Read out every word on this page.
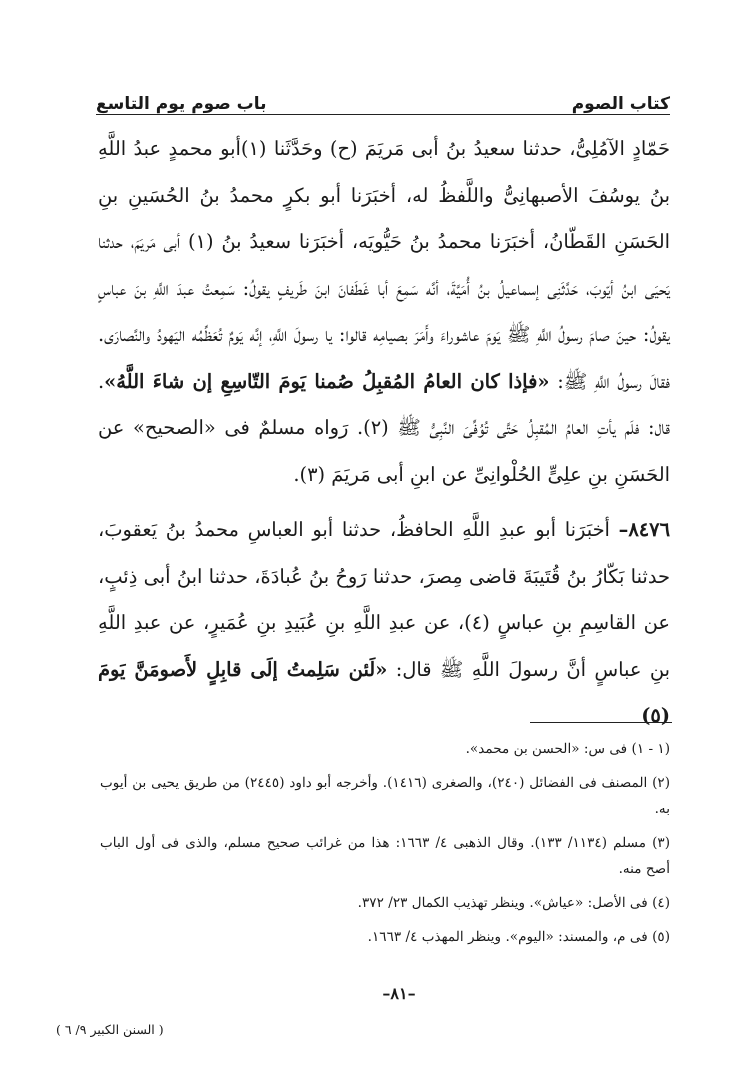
كتاب الصوم
باب صوم يوم التاسع

حَمّادٍ الآمُلِىُّ، حدثنا سعيدُ بنُ أبى مَريَمَ (ح) وحَدَّثَنا (١)أبو محمدٍ عبدُ اللَّهِ بنُ يوسُفَ الأصبهانِىُّ واللَّفظُ له، أخبَرَنا أبو بكرٍ محمدُ بنُ الحُسَينِ بنِ الحَسَنِ القَطّانُ، أخبَرَنا محمدُ بنُ حَيُّويَه، أخبَرَنا سعيدُ بنُ (١) أبى مَريَمَ، حدثنا يَحيَى ابنُ أيّوبَ، حَدَّثَنِى إسماعيلُ بنُ أُمَيَّةَ، أنَّه سَمِعَ أبا غَطَفانَ ابنَ طَريفٍ يقولُ: سَمِعتُ عبدَ اللَّهِ بنَ عباسٍ يقولُ: حينَ صامَ رسولُ اللَّهِ ﷺ يَومَ عاشوراءَ وأَمَرَ بصيامِه قالوا: يا رسولَ اللَّهِ، إنَّه يَومٌ تُعَظِّمُه اليَهودُ والنَّصارَى. فقالَ رسولُ اللَّهِ ﷺ: «فإذا كان العامُ المُقبِلُ صُمنا يَومَ التّاسِعِ إن شاءَ اللَّهُ». قال: فلَم يأتِ العامُ المُقبِلُ حَتَّى تُوُفِّىَ النَّبِىُّ ﷺ (٢). رَواه مسلمٌ فى «الصحيح» عن الحَسَنِ بنِ علِىٍّ الحُلْوانِىِّ عن ابنِ أبى مَريَمَ (٣).

٨٤٧٦– أخبَرَنا أبو عبدِ اللَّهِ الحافظُ، حدثنا أبو العباسِ محمدُ بنُ يَعقوبَ، حدثنا بَكّارُ بنُ قُتَيبَةَ قاضى مِصرَ، حدثنا رَوحُ بنُ عُبادَةَ، حدثنا ابنُ أبى ذِئبٍ، عن القاسِمِ بنِ عباسٍ (٤)، عن عبدِ اللَّهِ بنِ عُبَيدِ بنِ عُمَيرٍ، عن عبدِ اللَّهِ بنِ عباسٍ أنَّ رسولَ اللَّهِ ﷺ قال: «لَئن سَلِمتُ إلَى قابِلٍ لأَصومَنَّ يَومَ (٥)

(١ - ١) فى س: «الحسن بن محمد».

(٢) المصنف فى الفضائل (٢٤٠)، والصغرى (١٤١٦). وأخرجه أبو داود (٢٤٤٥) من طريق يحيى بن أيوب به.

(٣) مسلم (١١٣٤/ ١٣٣). وقال الذهبى ٤/ ١٦٦٣: هذا من غرائب صحيح مسلم، والذى فى أول الباب أصح منه.

(٤) فى الأصل: «عياش». وينظر تهذيب الكمال ٢٣/ ٣٧٢.

(٥) فى م، والمسند: «اليوم». وينظر المهذب ٤/ ١٦٦٣.

–٨١–
( السنن الكبير ٩/ ٦ )
